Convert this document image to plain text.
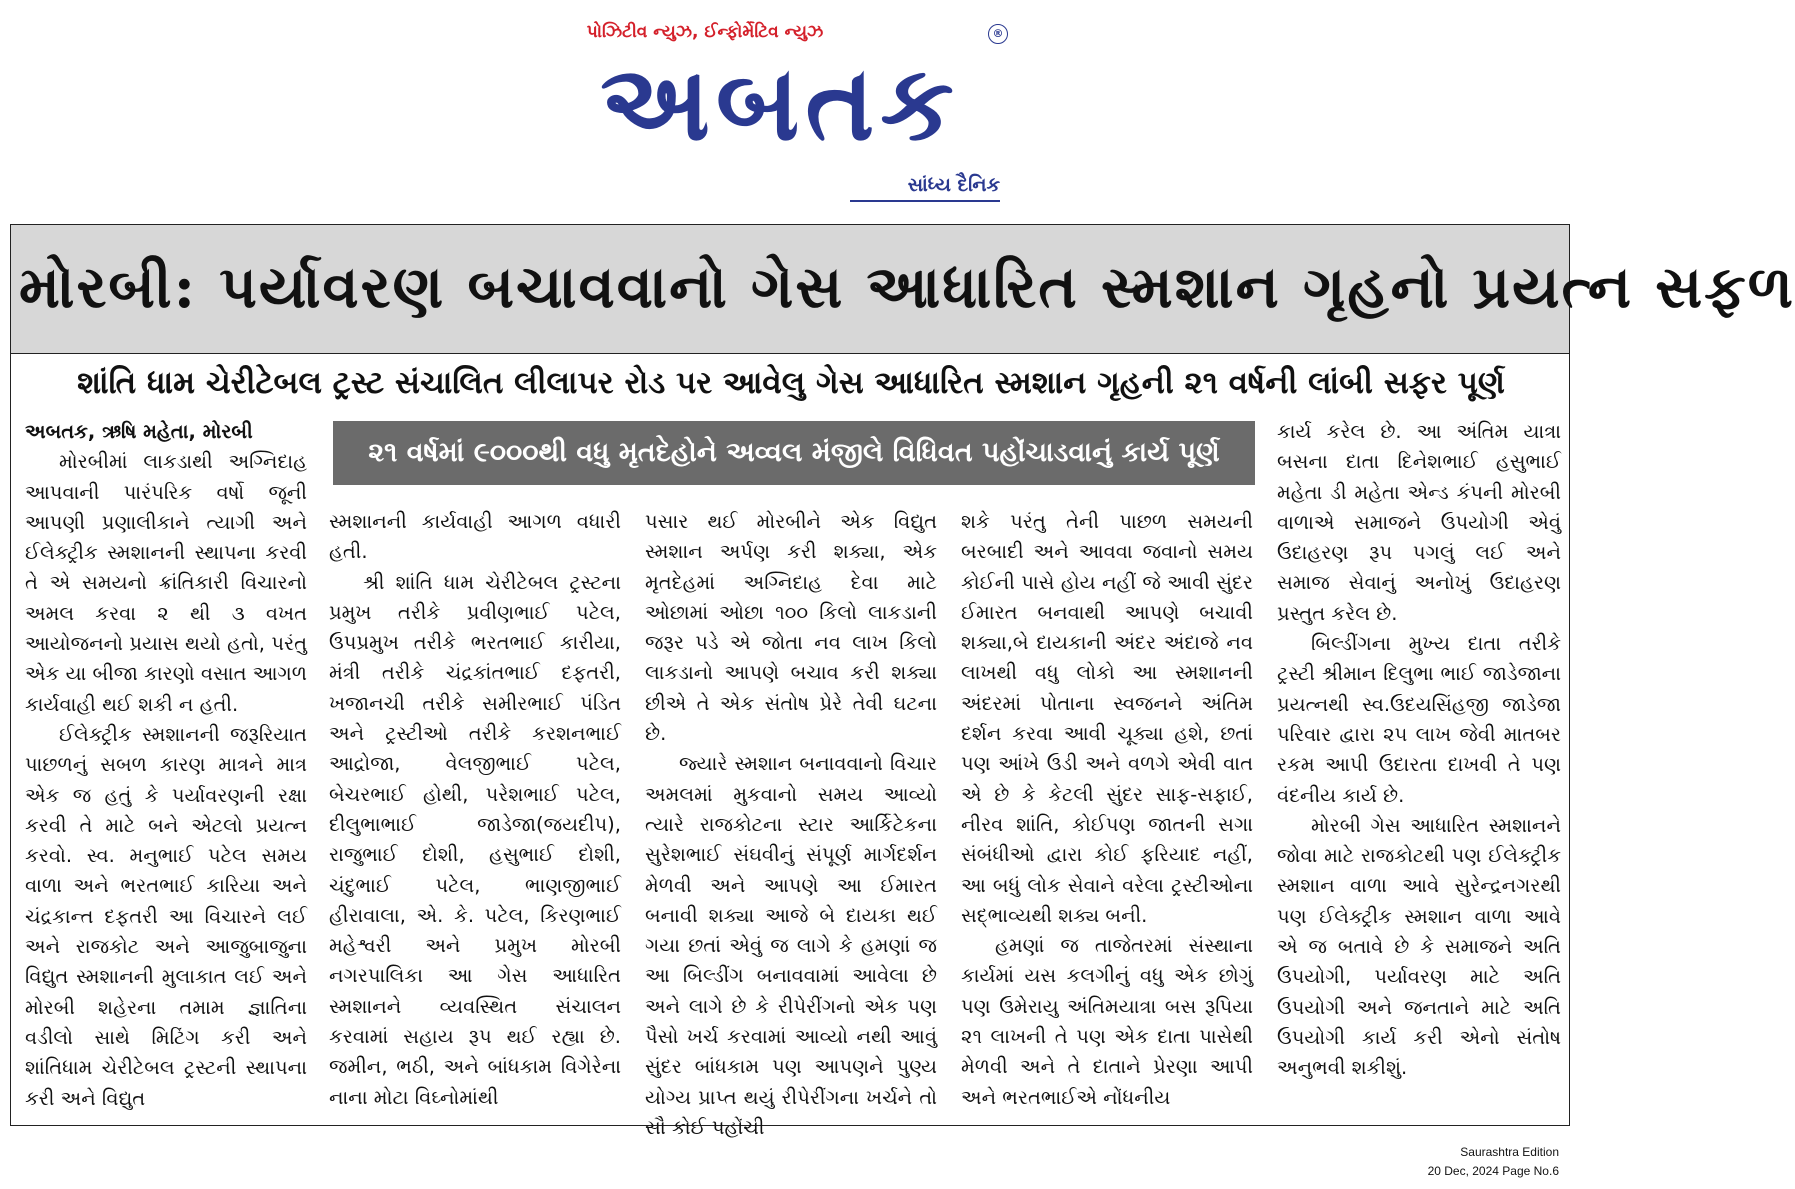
પોઝિટીવ ન્યુઝ, ઈન્ફોર્મેટિવ ન્યુઝ	®
અબતક
સાંધ્ય દૈનિક
મોરબી: પર્યાવરણ બચાવવાનો ગેસ આધારિત સ્મશાન ગૃહનો પ્રયત્ન સફળ
શાંતિ ધામ ચેરીટેબલ ટ્રસ્ટ સંચાલિત લીલાપર રોડ પર આવેલુ ગેસ આધારિત સ્મશાન ગૃહની ૨૧ વર્ષની લાંબી સફર પૂર્ણ
૨૧ વર્ષમાં ૯૦૦૦થી વધુ મૃતદેહોને અવ્વલ મંજીલે વિધિવત પહોંચાડવાનું કાર્ય પૂર્ણ
અબતક, ઋષિ મહેતા, મોરબી

મોરબીમાં લાકડાથી અગ્નિદાહ આપવાની પારંપરિક વર્ષો જૂની આપણી પ્રણાલીકાને ત્યાગી અને ઈલેક્ટ્રીક સ્મશાનની સ્થાપના કરવી તે એ સમયનો ક્રાંતિકારી વિચારનો અમલ કરવા ૨ થી ૩ વખત આયોજનનો પ્રયાસ થયો હતો, પરંતુ એક યા બીજા કારણો વસાત આગળ કાર્યવાહી થઈ શકી ન હતી.

ઈલેક્ટ્રીક સ્મશાનની જરૂરિયાત પાછળનું સબળ કારણ માત્રને માત્ર એક જ હતું કે પર્યાવરણની રક્ષા કરવી તે માટે બને એટલો પ્રયત્ન કરવો. સ્વ. મનુભાઈ પટેલ સમય વાળા અને ભરતભાઈ કારિયા અને ચંદ્રકાન્ત દફતરી આ વિચારને લઈ અને રાજકોટ અને આજુબાજુના વિદ્યુત સ્મશાનની મુલાકાત લઈ અને મોરબી શહેરના તમામ જ્ઞાતિના વડીલો સાથે મિટિંગ કરી અને શાંતિધામ ચેરીટેબલ ટ્રસ્ટની સ્થાપના કરી અને વિદ્યુત

સ્મશાનની કાર્યવાહી આગળ વધારી હતી.

શ્રી શાંતિ ધામ ચેરીટેબલ ટ્રસ્ટના પ્રમુખ તરીકે પ્રવીણભાઈ પટેલ, ઉપપ્રમુખ તરીકે ભરતભાઈ કારીયા, મંત્રી તરીકે ચંદ્રકાંતભાઈ દફતરી, ખજાનચી તરીકે સમીરભાઈ પંડિત અને ટ્રસ્ટીઓ તરીકે કરશનભાઈ આદ્રોજા, વેલજીભાઈ પટેલ, બેચરભાઈ હોથી, પરેશભાઈ પટેલ, દીલુભાભાઈ જાડેજા(જયદીપ), રાજુભાઈ દોશી, હસુભાઈ દોશી, ચંદુભાઈ પટેલ, ભાણજીભાઈ હીરાવાલા, એ. કે. પટેલ, કિરણભાઈ મહેશ્વરી અને પ્રમુખ મોરબી નગરપાલિકા આ ગેસ આધારિત સ્મશાનને વ્યવસ્થિત સંચાલન કરવામાં સહાય રૂપ થઈ રહ્યા છે. જમીન, ભઠી, અને બાંધકામ વિગેરેના નાના મોટા વિઘ્નોમાંથી

પસાર થઈ મોરબીને એક વિદ્યુત સ્મશાન અર્પણ કરી શક્યા, એક મૃતદેહમાં અગ્નિદાહ દેવા માટે ઓછામાં ઓછા ૧૦૦ કિલો લાકડાની જરૂર પડે એ જોતા નવ લાખ કિલો લાકડાનો આપણે બચાવ કરી શક્યા છીએ તે એક સંતોષ પ્રેરે તેવી ઘટના છે.

જ્યારે સ્મશાન બનાવવાનો વિચાર અમલમાં મુકવાનો સમય આવ્યો ત્યારે રાજકોટના સ્ટાર આર્કિટેકના સુરેશભાઈ સંઘવીનું સંપૂર્ણ માર્ગદર્શન મેળવી અને આપણે આ ઈમારત બનાવી શક્યા આજે બે દાયકા થઈ ગયા છતાં એવું જ લાગે કે હમણાં જ આ બિલ્ડીંગ બનાવવામાં આવેલા છે અને લાગે છે કે રીપેરીંગનો એક પણ પૈસો ખર્ચ કરવામાં આવ્યો નથી આવું સુંદર બાંધકામ પણ આપણને પુણ્ય યોગ્ય પ્રાપ્ત થયું રીપેરીંગના ખર્ચને તો સૌ કોઈ પહોંચી

શકે પરંતુ તેની પાછળ સમયની બરબાદી અને આવવા જવાનો સમય કોઈની પાસે હોય નહીં જે આવી સુંદર ઈમારત બનવાથી આપણે બચાવી શક્યા,બે દાયકાની અંદર અંદાજે નવ લાખથી વધુ લોકો આ સ્મશાનની અંદરમાં પોતાના સ્વજનને અંતિમ દર્શન કરવા આવી ચૂક્યા હશે, છતાં પણ આંખે ઉડી અને વળગે એવી વાત એ છે કે કેટલી સુંદર સાફ-સફાઈ, નીરવ શાંતિ, કોઈપણ જાતની સગા સંબંધીઓ દ્વારા કોઈ ફરિયાદ નહીં, આ બધું લોક સેવાને વરેલા ટ્રસ્ટીઓના સદ્ભાવ્યથી શક્ય બની.

હમણાં જ તાજેતરમાં સંસ્થાના કાર્યમાં યસ કલગીનું વધુ એક છોગું પણ ઉમેરાયુ અંતિમયાત્રા બસ રૂપિયા ૨૧ લાખની તે પણ એક દાતા પાસેથી મેળવી અને તે દાતાને પ્રેરણા આપી અને ભરતભાઈએ નોંધનીય

કાર્ય કરેલ છે. આ અંતિમ યાત્રા બસના દાતા દિનેશભાઈ હસુભાઈ મહેતા ડી મહેતા એન્ડ કંપની મોરબી વાળાએ સમાજને ઉપયોગી એવું ઉદાહરણ રૂપ પગલું લઈ અને સમાજ સેવાનું અનોખું ઉદાહરણ પ્રસ્તુત કરેલ છે.

બિલ્ડીંગના મુખ્ય દાતા તરીકે ટ્રસ્ટી શ્રીમાન દિલુભા ભાઈ જાડેજાના પ્રયત્નથી સ્વ.ઉદયસિંહજી જાડેજા પરિવાર દ્વારા ૨૫ લાખ જેવી માતબર રકમ આપી ઉદારતા દાખવી તે પણ વંદનીય કાર્ય છે.

મોરબી ગેસ આધારિત સ્મશાનને જોવા માટે રાજકોટથી પણ ઈલેક્ટ્રીક સ્મશાન વાળા આવે સુરેન્દ્રનગરથી પણ ઈલેક્ટ્રીક સ્મશાન વાળા આવે એ જ બતાવે છે કે સમાજને અતિ ઉપયોગી, પર્યાવરણ માટે અતિ ઉપયોગી અને જનતાને માટે અતિ ઉપયોગી કાર્ય કરી એનો સંતોષ અનુભવી શકીશું.

Saurashtra Edition
20 Dec, 2024 Page No.6
